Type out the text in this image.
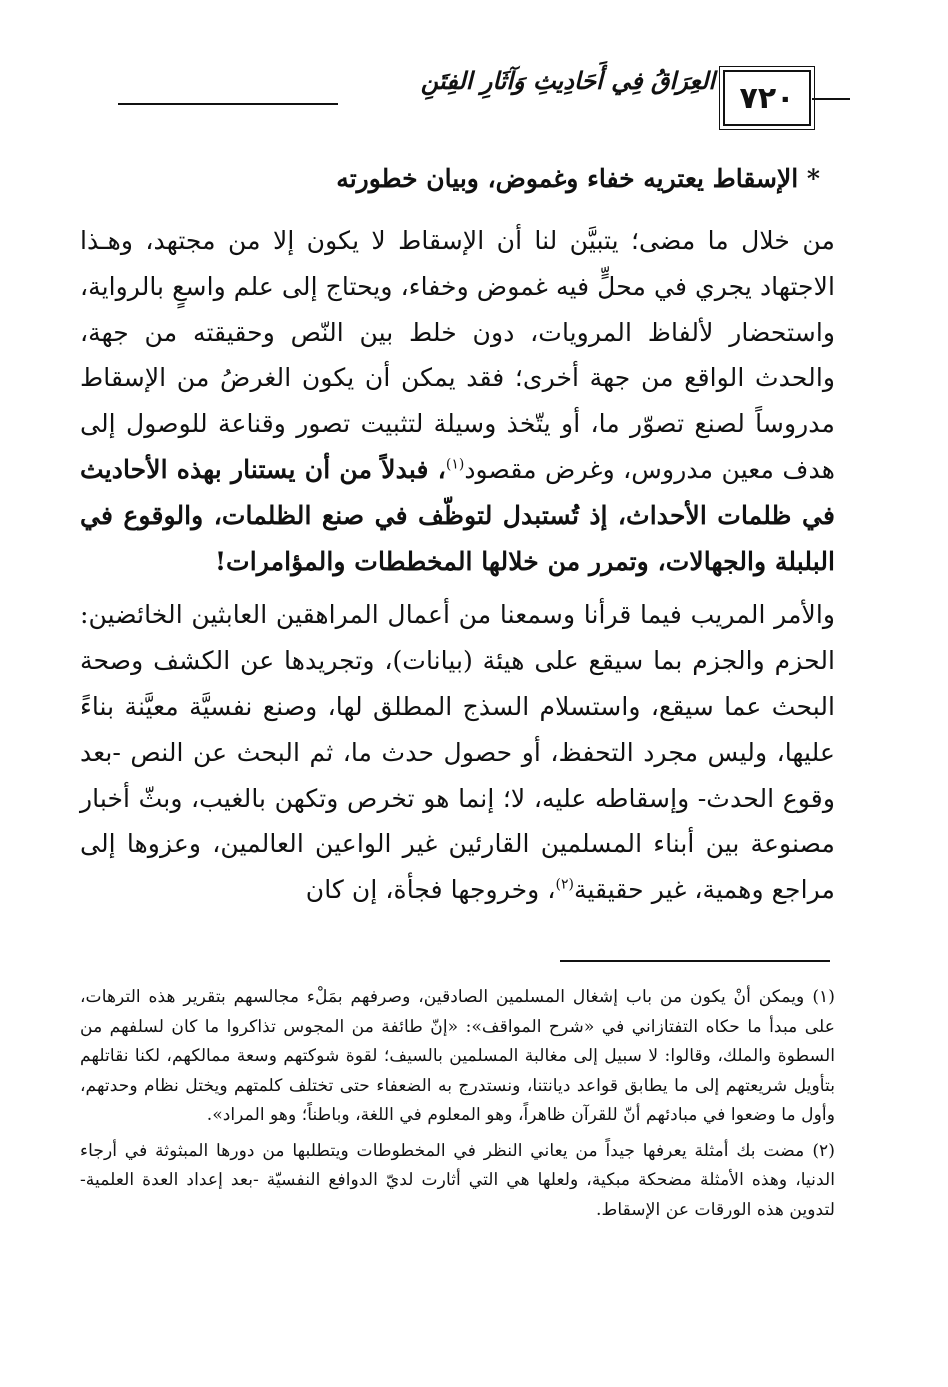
العِرَاقُ فِي أَحَادِيثِ وَآثَارِ الفِتَنِ ٧٢٠
* الإسقاط يعتريه خفاء وغموض، وبيان خطورته

من خلال ما مضى؛ يتبيَّن لنا أن الإسقاط لا يكون إلا من مجتهد، وهـذا الاجتهاد يجري في محلٍّ فيه غموض وخفاء، ويحتاج إلى علم واسعٍ بالرواية، واستحضار لألفاظ المرويات، دون خلط بين النّص وحقيقته من جهة، والحدث الواقع من جهة أخرى؛ فقد يمكن أن يكون الغرضُ من الإسقاط مدروساً لصنع تصوّر ما، أو يتّخذ وسيلة لتثبيت تصور وقناعة للوصول إلى هدف معين مدروس، وغرض مقصود$^{(١)}$، فبدلاً من أن يستنار بهذه الأحاديث في ظلمات الأحداث، إذ تُستبدل لتوظّف في صنع الظلمات، والوقوع في البلبلة والجهالات، وتمرر من خلالها المخططات والمؤامرات!

والأمر المريب فيما قرأنا وسمعنا من أعمال المراهقين العابثين الخائضين: الحزم والجزم بما سيقع على هيئة (بيانات)، وتجريدها عن الكشف وصحة البحث عما سيقع، واستسلام السذج المطلق لها، وصنع نفسيَّة معيَّنة بناءً عليها، وليس مجرد التحفظ، أو حصول حدث ما، ثم البحث عن النص -بعد وقوع الحدث- وإسقاطه عليه، لا؛ إنما هو تخرص وتكهن بالغيب، وبثّ أخبار مصنوعة بين أبناء المسلمين القارئين غير الواعين العالمين، وعزوها إلى مراجع وهمية، غير حقيقية$^{(٢)}$، وخروجها فجأة، إن كان

(١)ويمكن أنْ يكون من باب إشغال المسلمين الصادقين، وصرفهم بمَلْء مجالسهم بتقرير هذه الترهات، على مبدأ ما حكاه التفتازاني في «شرح المواقف»: «إنّ طائفة من المجوس تذاكروا ما كان لسلفهم من السطوة والملك، وقالوا: لا سبيل إلى مغالبة المسلمين بالسيف؛ لقوة شوكتهم وسعة ممالكهم، لكنا نقاتلهم بتأويل شريعتهم إلى ما يطابق قواعد ديانتنا، ونستدرج به الضعفاء حتى تختلف كلمتهم ويختل نظام وحدتهم، وأول ما وضعوا في مبادئهم أنّ للقرآن ظاهراً، وهو المعلوم في اللغة، وباطناً؛ وهو المراد».

(٢)مضت بك أمثلة يعرفها جيداً من يعاني النظر في المخطوطات ويتطلبها من دورها المبثوثة في أرجاء الدنيا، وهذه الأمثلة مضحكة مبكية، ولعلها هي التي أثارت لديّ الدوافع النفسيّة -بعد إعداد العدة العلمية- لتدوين هذه الورقات عن الإسقاط.
